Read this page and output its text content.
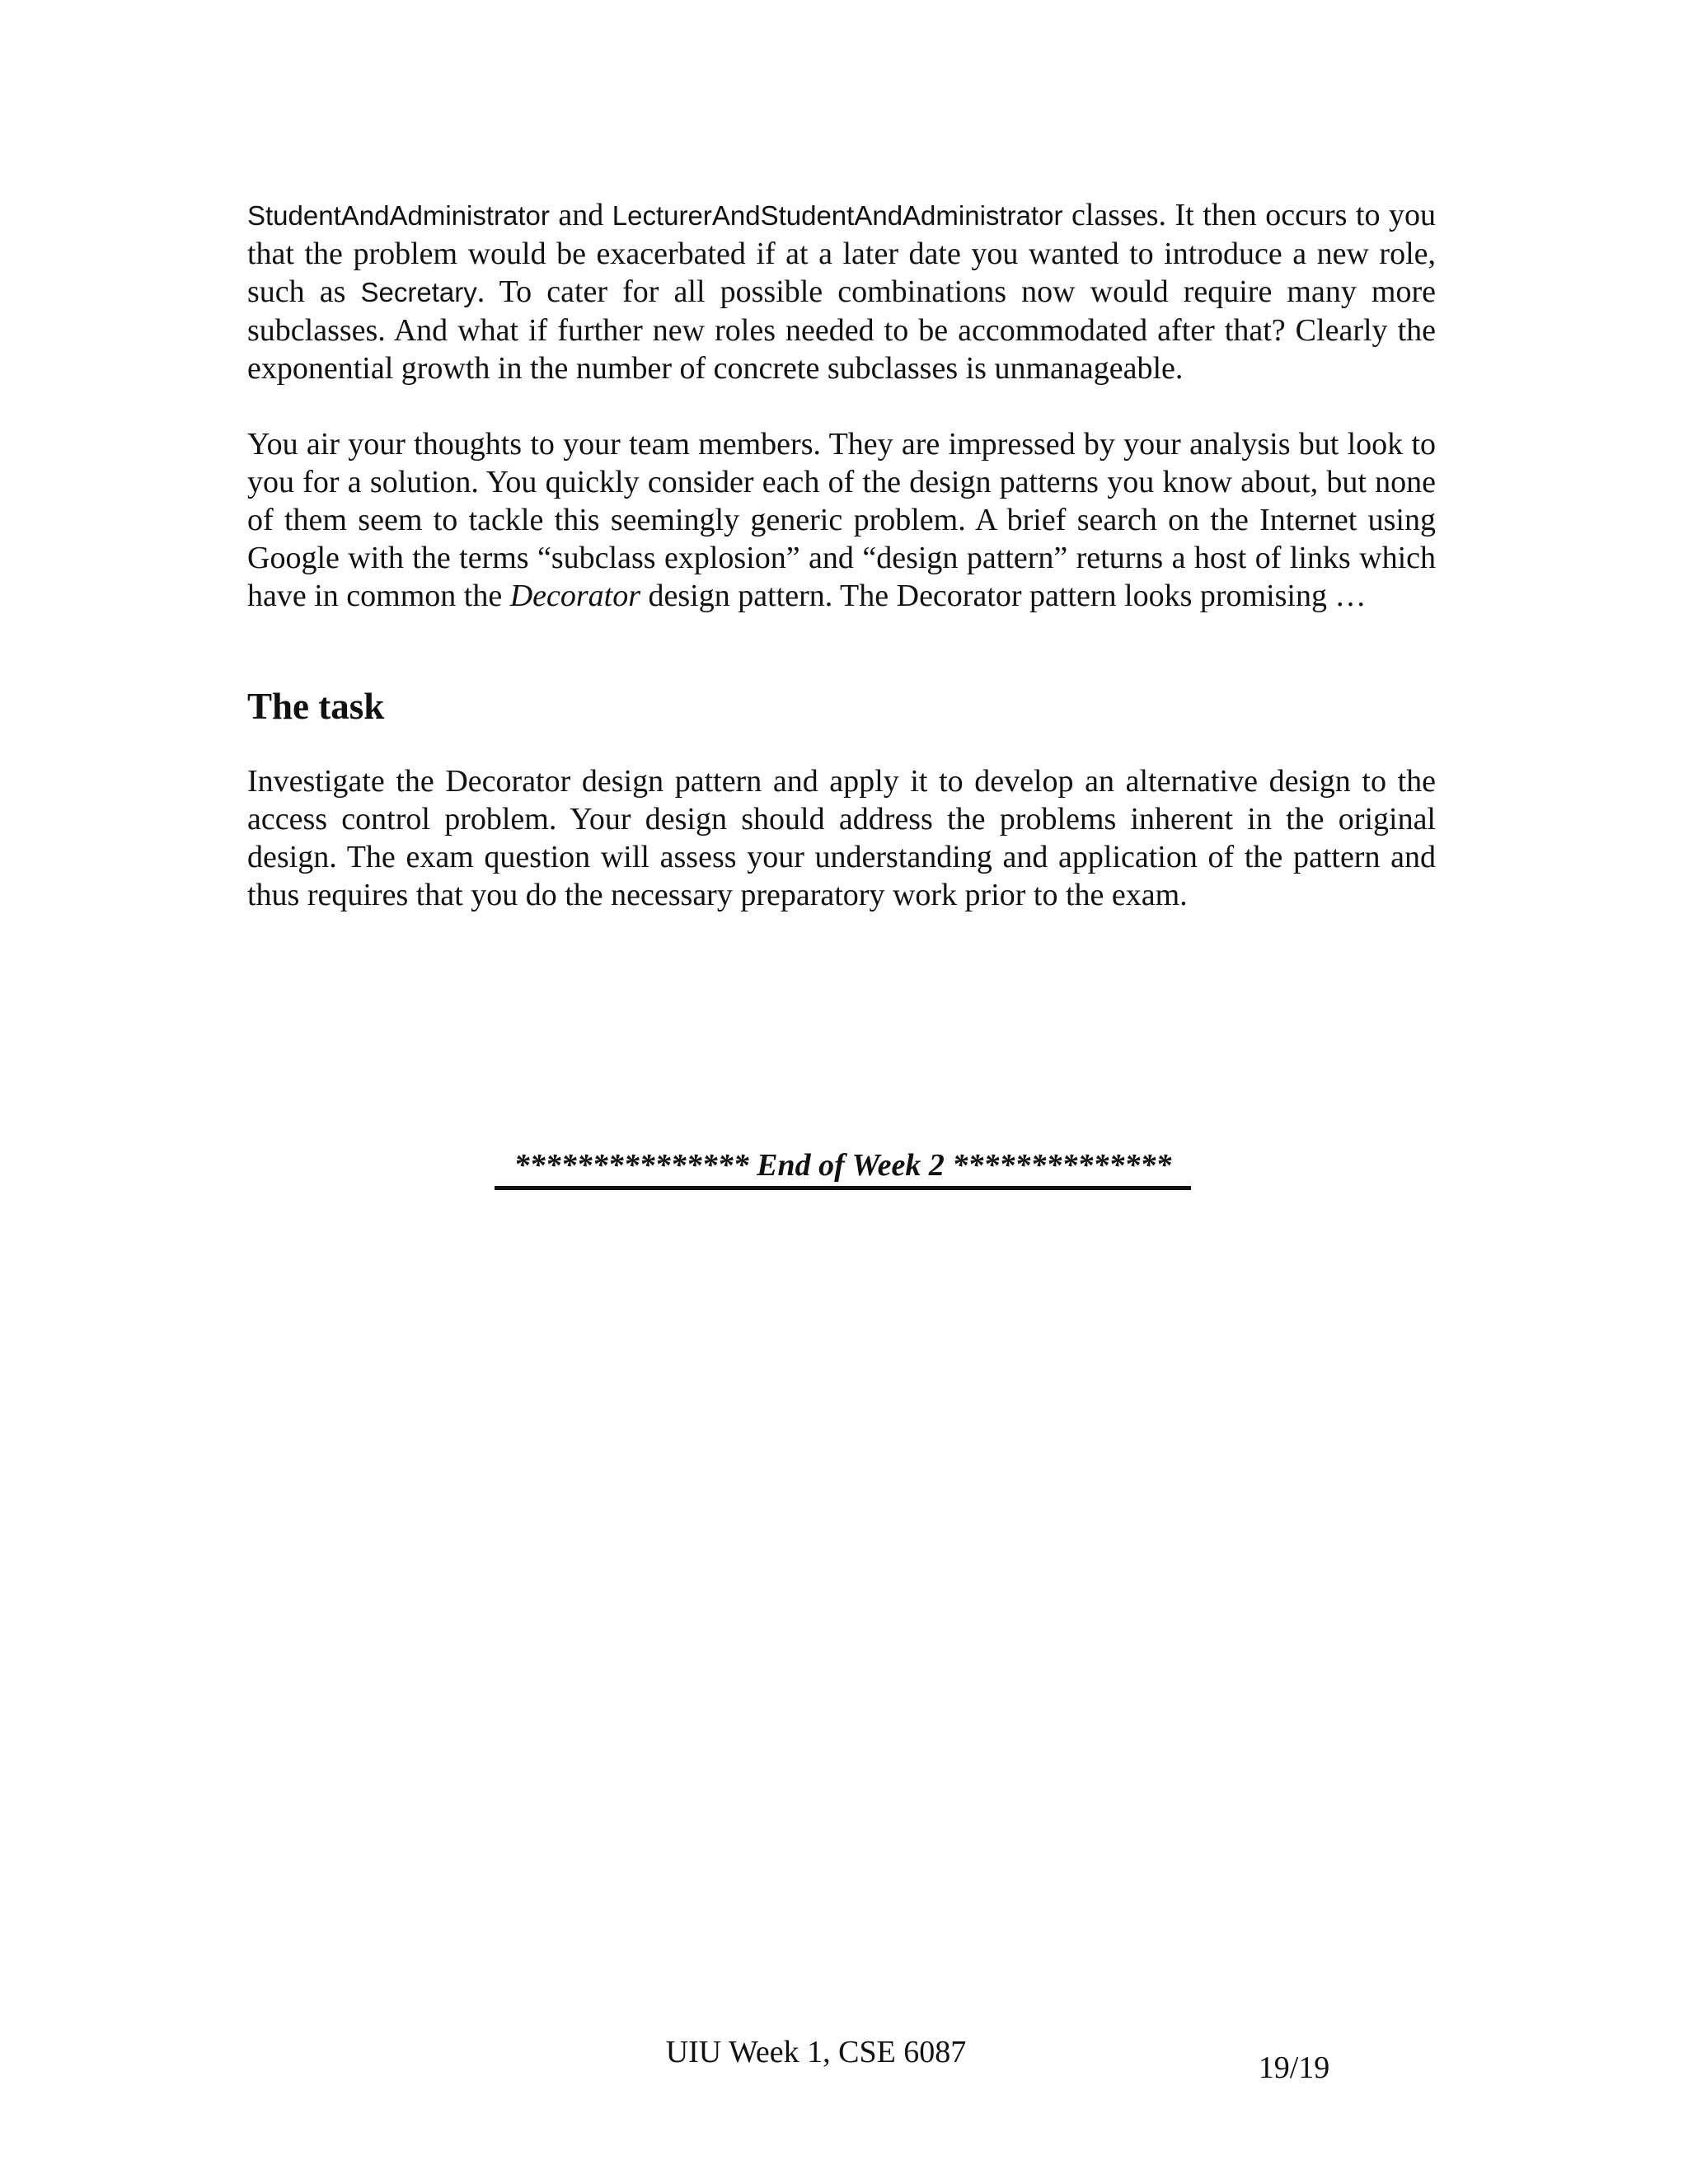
StudentAndAdministrator and LecturerAndStudentAndAdministrator classes. It then occurs to you that the problem would be exacerbated if at a later date you wanted to introduce a new role, such as Secretary. To cater for all possible combinations now would require many more subclasses. And what if further new roles needed to be accommodated after that? Clearly the exponential growth in the number of concrete subclasses is unmanageable.

You air your thoughts to your team members. They are impressed by your analysis but look to you for a solution. You quickly consider each of the design patterns you know about, but none of them seem to tackle this seemingly generic problem. A brief search on the Internet using Google with the terms “subclass explosion” and “design pattern” returns a host of links which have in common the Decorator design pattern. The Decorator pattern looks promising …

The task

Investigate the Decorator design pattern and apply it to develop an alternative design to the access control problem. Your design should address the problems inherent in the original design. The exam question will assess your understanding and application of the pattern and thus requires that you do the necessary preparatory work prior to the exam.

*************** End of Week 2 **************
UIU Week 1, CSE 6087	19/19
